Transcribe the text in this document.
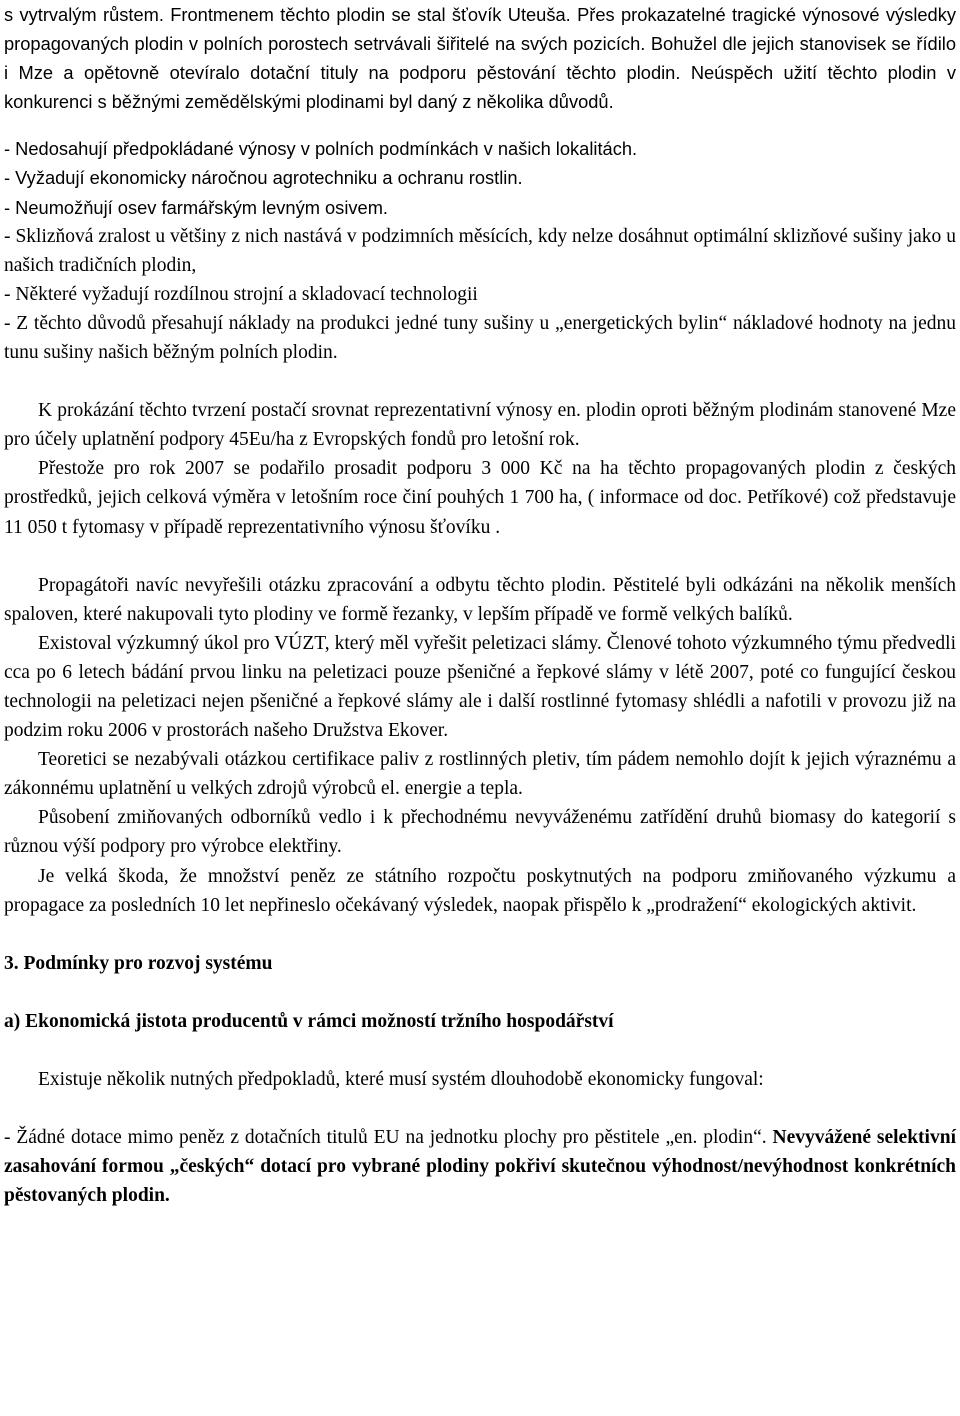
s vytrvalým růstem. Frontmenem těchto plodin se stal šťovík Uteuša. Přes prokazatelné tragické výnosové výsledky propagovaných plodin v polních porostech setrvávali šiřitelé na svých pozicích. Bohužel dle jejich stanovisek se řídilo i Mze a opětovně otevíralo dotační tituly na podporu pěstování těchto plodin. Neúspěch užití těchto plodin v konkurenci s běžnými zemědělskými plodinami byl daný z několika důvodů.

- Nedosahují předpokládané výnosy v polních podmínkách v našich lokalitách.

- Vyžadují ekonomicky náročnou agrotechniku a ochranu rostlin.

- Neumožňují osev farmářským levným osivem.

- Sklizňová zralost u většiny z nich nastává v podzimních měsících, kdy nelze dosáhnut optimální sklizňové sušiny jako u našich tradičních plodin,

- Některé vyžadují rozdílnou strojní a skladovací technologii

- Z těchto důvodů přesahují náklady na produkci jedné tuny sušiny u „energetických bylin“ nákladové hodnoty na jednu tunu sušiny našich běžným polních plodin.

K prokázání těchto tvrzení postačí srovnat reprezentativní výnosy en. plodin oproti běžným plodinám stanovené Mze pro účely uplatnění podpory 45Eu/ha z Evropských fondů pro letošní rok.

Přestože pro rok 2007 se podařilo prosadit podporu 3 000 Kč na ha těchto propagovaných plodin z českých prostředků, jejich celková výměra v letošním roce činí pouhých 1 700 ha, ( informace od doc. Petříkové) což představuje 11 050 t fytomasy v případě reprezentativního výnosu šťovíku .

Propagátoři navíc nevyřešili otázku zpracování a odbytu těchto plodin. Pěstitelé byli odkázáni na několik menších spaloven, které nakupovali tyto plodiny ve formě řezanky, v lepším případě ve formě velkých balíků.

Existoval výzkumný úkol pro VÚZT, který měl vyřešit peletizaci slámy. Členové tohoto výzkumného týmu předvedli cca po 6 letech bádání prvou linku na peletizaci pouze pšeničné a řepkové slámy v létě 2007, poté co fungující českou technologii na peletizaci nejen pšeničné a řepkové slámy ale i další rostlinné fytomasy shlédli a nafotili v provozu již na podzim roku 2006 v prostorách našeho Družstva Ekover.

Teoretici se nezabývali otázkou certifikace paliv z rostlinných pletiv, tím pádem nemohlo dojít k jejich výraznému a zákonnému uplatnění u velkých zdrojů výrobců el. energie a tepla.

Působení zmiňovaných odborníků vedlo i k přechodnému nevyváženému zatřídění druhů biomasy do kategorií s různou výší podpory pro výrobce elektřiny.

Je velká škoda, že množství peněz ze státního rozpočtu poskytnutých na podporu zmiňovaného výzkumu a propagace za posledních 10 let nepřineslo očekávaný výsledek, naopak přispělo k „prodražení“ ekologických aktivit.

3. Podmínky pro rozvoj systému

a) Ekonomická jistota producentů v rámci možností tržního hospodářství

Existuje několik nutných předpokladů, které musí systém dlouhodobě ekonomicky fungoval:

- Žádné dotace mimo peněz z dotačních titulů EU na jednotku plochy pro pěstitele „en. plodin“. Nevyvážené selektivní zasahování formou „českých“ dotací pro vybrané plodiny pokřiví skutečnou výhodnost/nevýhodnost konkrétních pěstovaných plodin.
